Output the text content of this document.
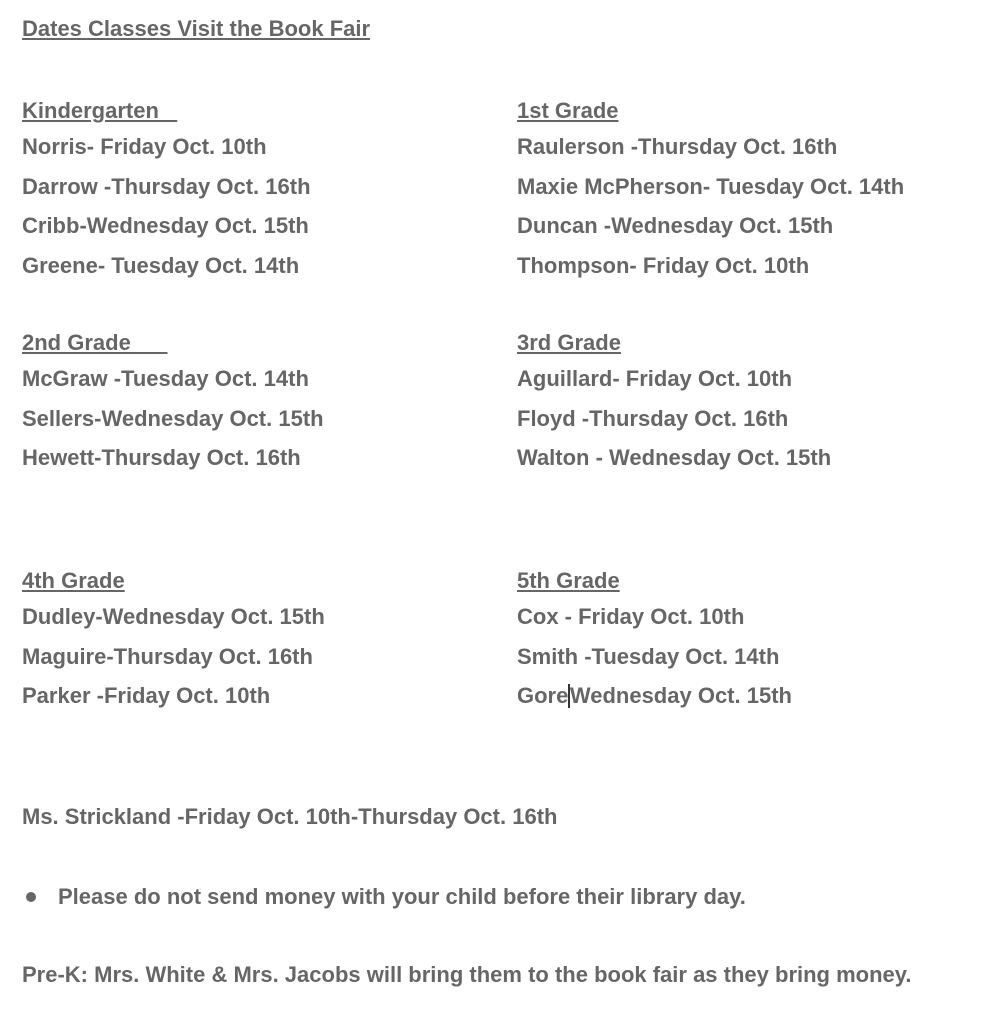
Dates Classes Visit the Book Fair
Kindergarten
Norris- Friday Oct. 10th
Darrow -Thursday Oct. 16th
Cribb-Wednesday Oct. 15th
Greene- Tuesday Oct. 14th
1st Grade
Raulerson -Thursday Oct. 16th
Maxie McPherson- Tuesday Oct. 14th
Duncan -Wednesday Oct. 15th
Thompson- Friday Oct. 10th
2nd Grade
McGraw -Tuesday Oct. 14th
Sellers-Wednesday Oct. 15th
Hewett-Thursday Oct. 16th
3rd Grade
Aguillard- Friday Oct. 10th
Floyd -Thursday Oct. 16th
Walton - Wednesday Oct. 15th
4th Grade
Dudley-Wednesday Oct. 15th
Maguire-Thursday Oct. 16th
Parker -Friday Oct. 10th
5th Grade
Cox - Friday Oct. 10th
Smith -Tuesday Oct. 14th
GoreWednesday Oct. 15th
Ms. Strickland -Friday Oct. 10th-Thursday Oct. 16th
Please do not send money with your child before their library day.
Pre-K: Mrs. White & Mrs. Jacobs will bring them to the book fair as they bring money.
